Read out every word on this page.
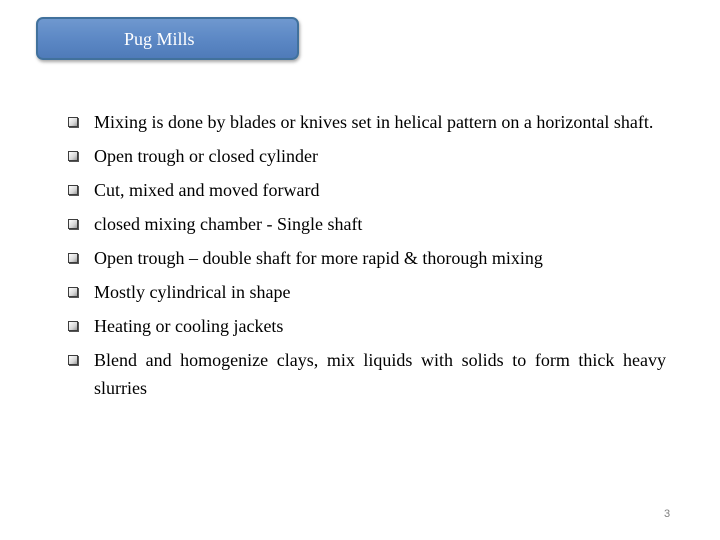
Pug Mills
Mixing is done by blades or knives set in helical pattern on a horizontal shaft.
Open trough or closed cylinder
Cut, mixed and moved forward
closed mixing chamber - Single shaft
Open trough – double shaft for more rapid & thorough mixing
Mostly cylindrical in shape
Heating or cooling jackets
Blend and homogenize clays, mix liquids with solids to form thick heavy slurries
3
